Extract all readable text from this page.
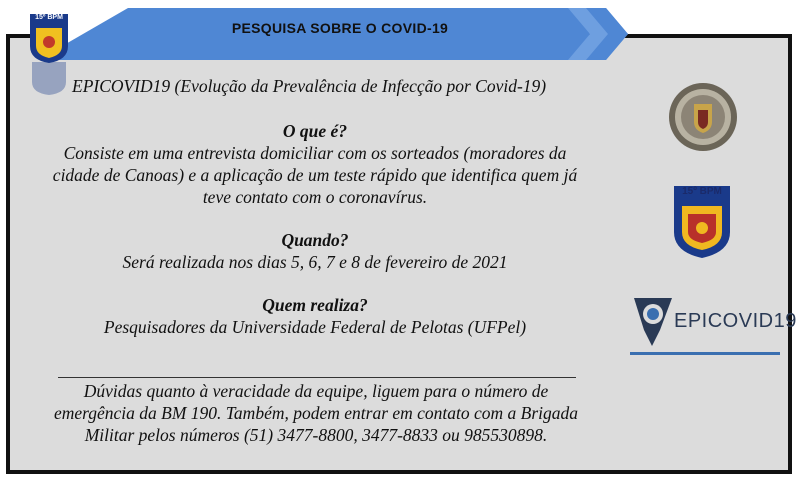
PESQUISA SOBRE O COVID-19
15º BPM
EPICOVID19 (Evolução da Prevalência de Infecção por Covid-19)
O que é?
Consiste em uma entrevista domiciliar com os sorteados (moradores da
cidade de Canoas) e a aplicação de um teste rápido que identifica quem já
teve contato com o coronavírus.
Quando?
Será realizada nos dias 5, 6, 7 e 8 de fevereiro de 2021
Quem realiza?
Pesquisadores da Universidade Federal de Pelotas (UFPel)
Dúvidas quanto à veracidade da equipe, liguem para o número de
emergência da BM 190. Também, podem entrar em contato com a Brigada
Militar pelos números (51) 3477-8800, 3477-8833 ou 985530898.
15º BPM
EPICOVID19
